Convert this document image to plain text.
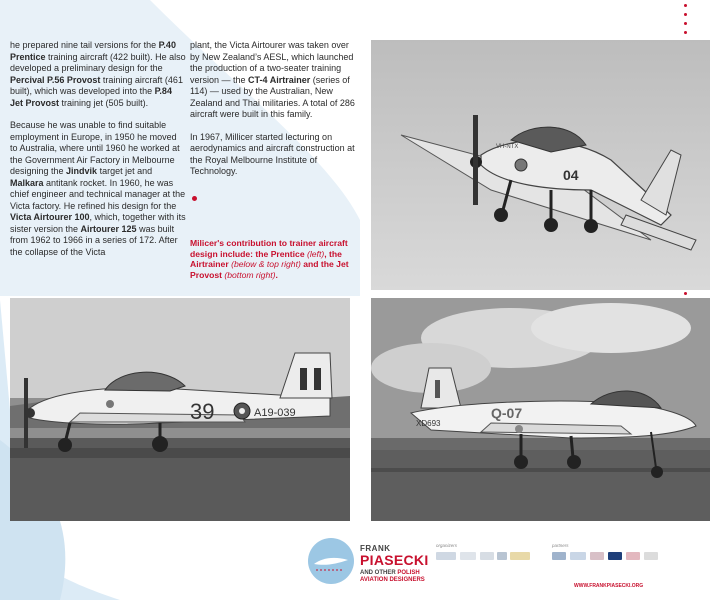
he prepared nine tail versions for the P.40 Prentice training aircraft (422 built). He also developed a preliminary design for the Percival P.56 Provost training aircraft (461 built), which was developed into the P.84 Jet Provost training jet (505 built).

Because he was unable to find suitable employment in Europe, in 1950 he moved to Australia, where until 1960 he worked at the Government Air Factory in Melbourne designing the Jindvik target jet and Malkara antitank rocket. In 1960, he was chief engineer and technical manager at the Victa factory. He refined his design for the Victa Airtourer 100, which, together with its sister version the Airtourer 125 was built from 1962 to 1966 in a series of 172. After the collapse of the Victa

plant, the Victa Airtourer was taken over by New Zealand’s AESL, which launched the production of a two-seater training version — the CT-4 Airtrainer (series of 114) — used by the Australian, New Zealand and Thai militaries. A total of 286 aircraft were built in this family.

In 1967, Millicer started lecturing on aerodynamics and aircraft construction at the Royal Melbourne Institute of Technology.

Milicer's contribution to trainer aircraft design include: the Prentice (left), the Airtrainer (below & top right) and the Jet Provost (bottom right).
04
VH-NTX
39	A19-039
XD693
Q-07
FRANK
PIASECKI
AND OTHER POLISH
AVIATION DESIGNERS
organizers	partners
WWW.FRANKPIASECKI.ORG
